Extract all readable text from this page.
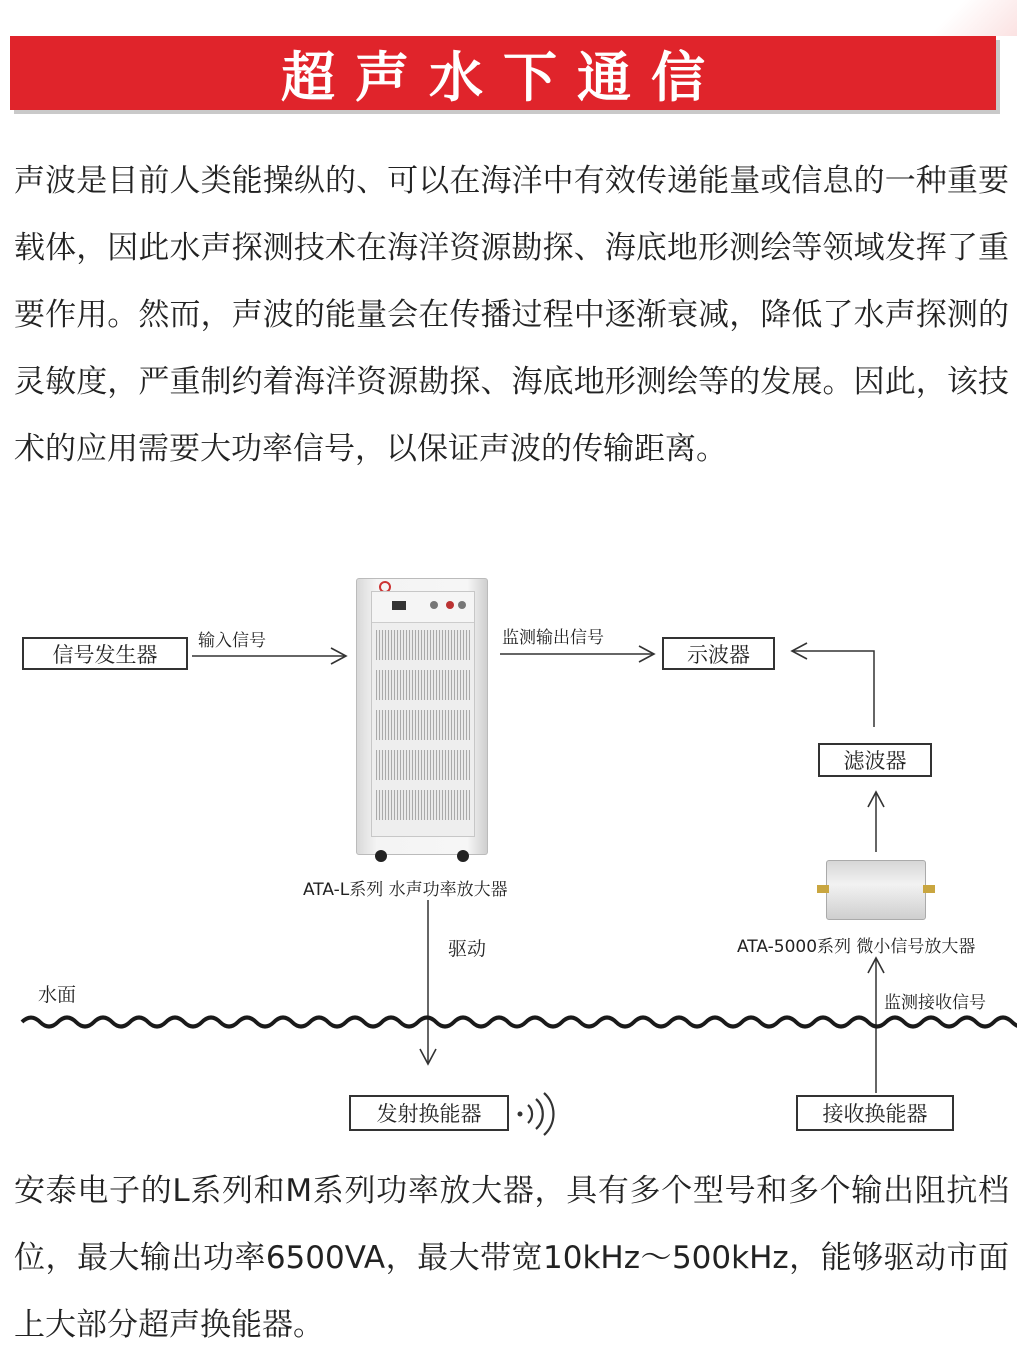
超声水下通信

声波是目前人类能操纵的、可以在海洋中有效传递能量或信息的一种重要载体，因此水声探测技术在海洋资源勘探、海底地形测绘等领域发挥了重要作用。然而，声波的能量会在传播过程中逐渐衰减，降低了水声探测的灵敏度，严重制约着海洋资源勘探、海底地形测绘等的发展。因此，该技术的应用需要大功率信号，以保证声波的传输距离。

信号发生器	示波器
滤波器
发射换能器	接收换能器
输入信号	监测输出信号
ATA-L系列 水声功率放大器
驱动	ATA-5000系列 微小信号放大器
水面	监测接收信号

安泰电子的L系列和M系列功率放大器，具有多个型号和多个输出阻抗档位，最大输出功率6500VA，最大带宽10kHz～500kHz，能够驱动市面上大部分超声换能器。
